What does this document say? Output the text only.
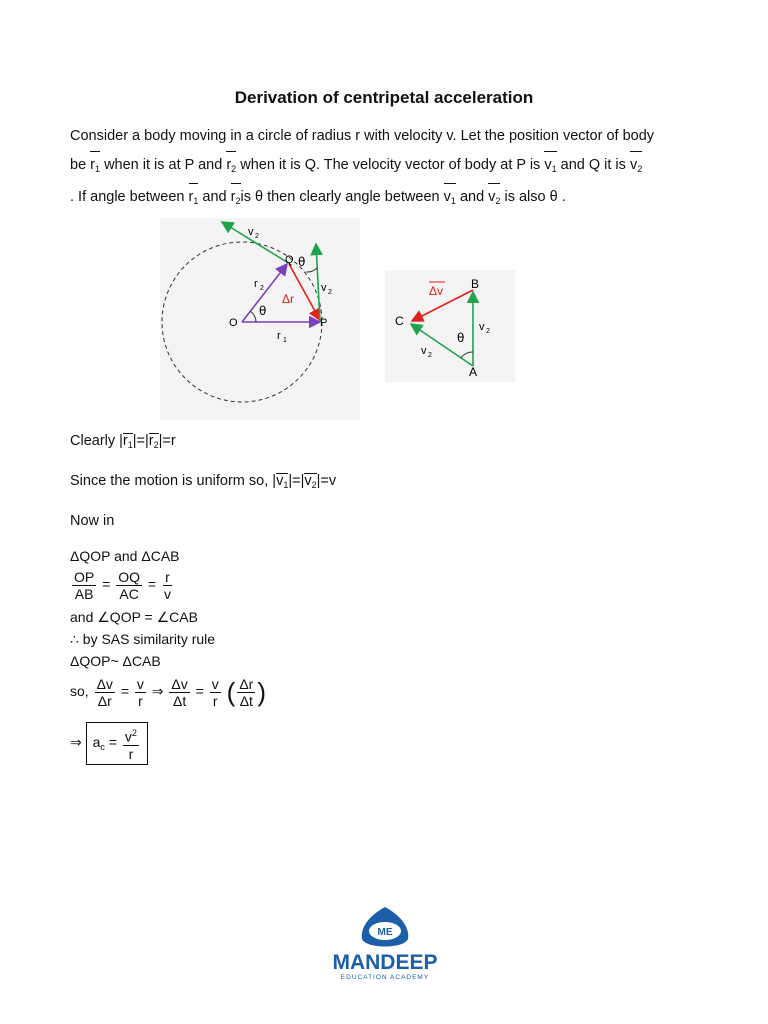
Derivation of centripetal acceleration
Consider a body moving in a circle of radius r with velocity v. Let the position vector of body
be $r_1$ when it is at P and $r_2$ when it is Q. The velocity vector of body at P is $v_1$ and Q it is $v_2$
. If angle between $r_1$ and $r_2is$ θ then clearly angle between $v_1$ and $v_2$ is also θ .
O	P
Q
θ
θ
Δr
r 1
r 2	v 2
v 2
A
B
C
θ
Δv
v 2
v 2
Clearly $|r_1|=|r_2|=r$
Since the motion is uniform so, $|v_1|=|v_2|=v$
Now in
ΔQOP and ΔCAB
$\frac{OP}{AB} = \frac{OQ}{AC} = \frac{r}{v}$
and ∠QOP = ∠CAB
∴ by SAS similarity rule
ΔQOP~ ΔCAB
so, $\frac{\Delta v}{\Delta r} = \frac{v}{r}$ ⇒ $\frac{\Delta v}{\Delta t} = \frac{v}{r}$ ( $\frac{\Delta r}{\Delta t}$ )
⇒ $a_c = \frac{v^2}{r}$
ME
MANDEEP
EDUCATION ACADEMY
